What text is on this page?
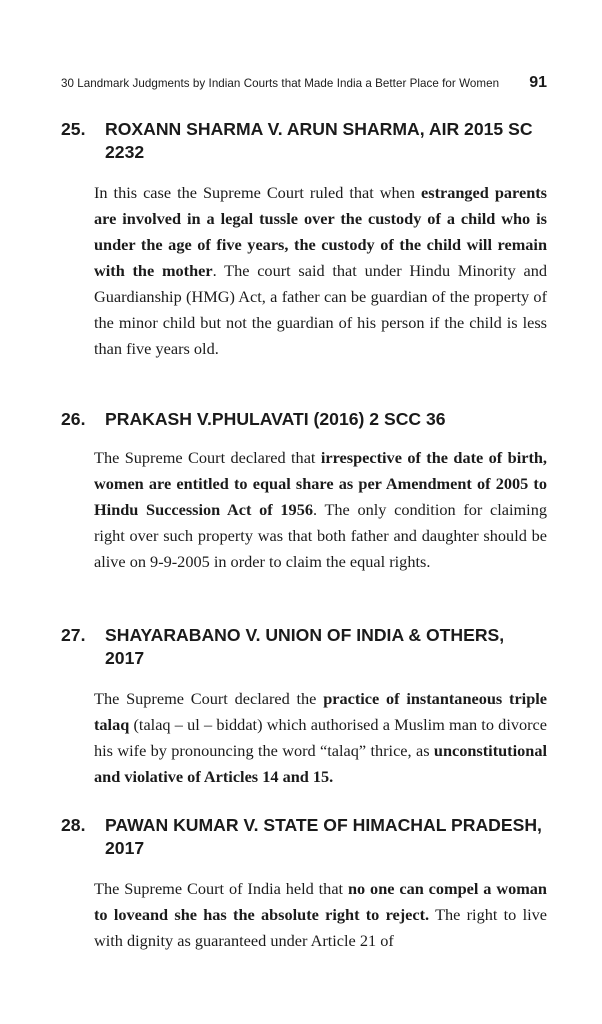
30 Landmark Judgments by Indian Courts that Made India a Better Place for Women 91
25.	ROXANN SHARMA V. ARUN SHARMA, AIR 2015 SC 2232

In this case the Supreme Court ruled that when estranged parents are involved in a legal tussle over the custody of a child who is under the age of five years, the custody of the child will remain with the mother. The court said that under Hindu Minority and Guardianship (HMG) Act, a father can be guardian of the property of the minor child but not the guardian of his person if the child is less than five years old.

26.	PRAKASH V.PHULAVATI (2016) 2 SCC 36

The Supreme Court declared that irrespective of the date of birth, women are entitled to equal share as per Amendment of 2005 to Hindu Succession Act of 1956. The only condition for claiming right over such property was that both father and daughter should be alive on 9-9-2005 in order to claim the equal rights.

27.	SHAYARABANO V. UNION OF INDIA & OTHERS, 2017

The Supreme Court declared the practice of instantaneous triple talaq (talaq – ul – biddat) which authorised a Muslim man to divorce his wife by pronouncing the word “talaq” thrice, as unconstitutional and violative of Articles 14 and 15.

28.	PAWAN KUMAR V. STATE OF HIMACHAL PRADESH, 2017

The Supreme Court of India held that no one can compel a woman to loveand she has the absolute right to reject. The right to live with dignity as guaranteed under Article 21 of
